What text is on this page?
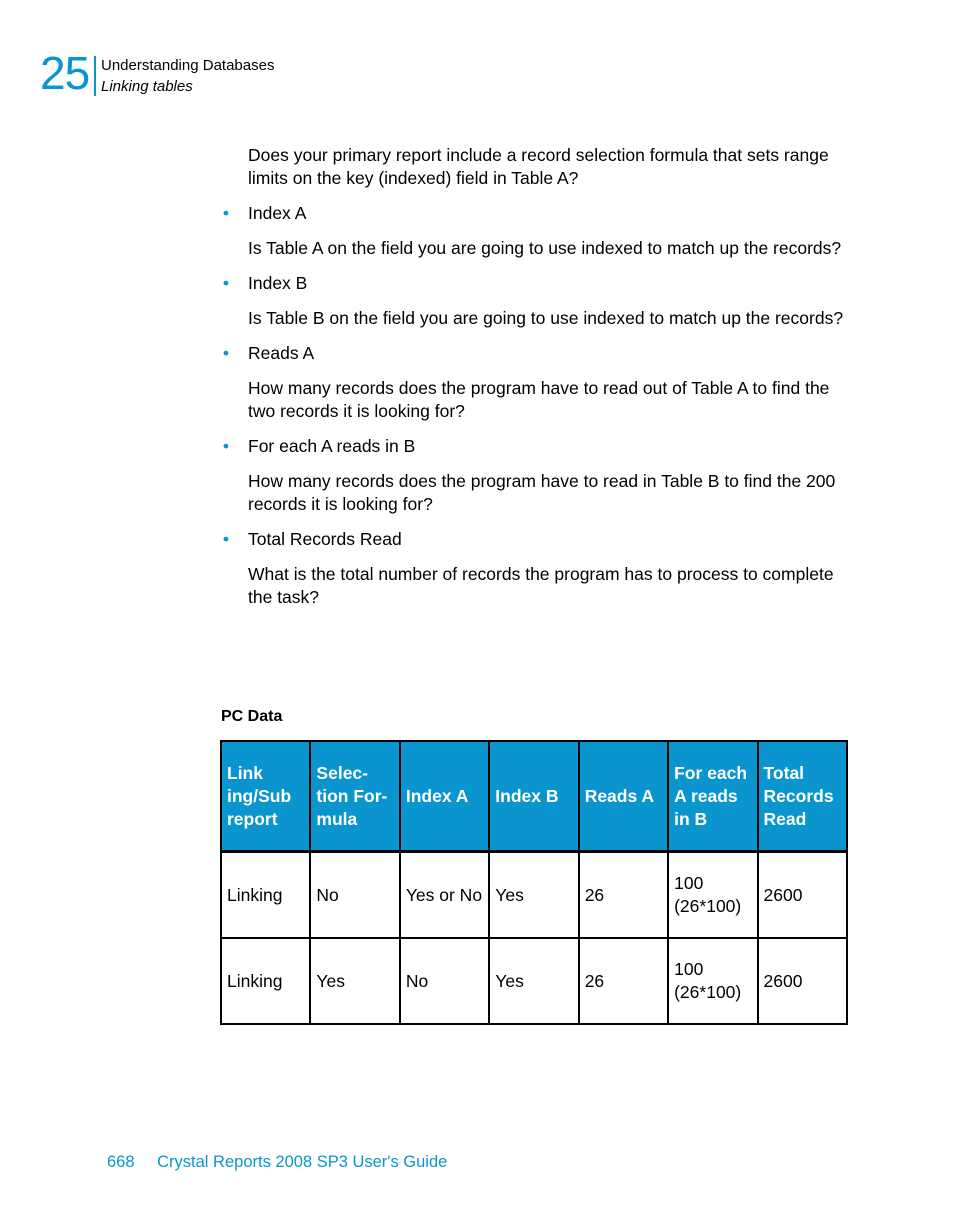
25 Understanding Databases
Linking tables

Does your primary report include a record selection formula that sets range limits on the key (indexed) field in Table A?

• Index A

Is Table A on the field you are going to use indexed to match up the records?

• Index B

Is Table B on the field you are going to use indexed to match up the records?

• Reads A

How many records does the program have to read out of Table A to find the two records it is looking for?

• For each A reads in B

How many records does the program have to read in Table B to find the 200 records it is looking for?

• Total Records Read

What is the total number of records the program has to process to complete the task?

PC Data
Link ing/Sub report	Selec- tion For- mula	Index A	Index B	Reads A	For each A reads in B	Total Records Read
Linking	No	Yes or No	Yes	26	100 (26*100)	2600
Linking	Yes	No	Yes	26	100 (26*100)	2600
668 Crystal Reports 2008 SP3 User's Guide
